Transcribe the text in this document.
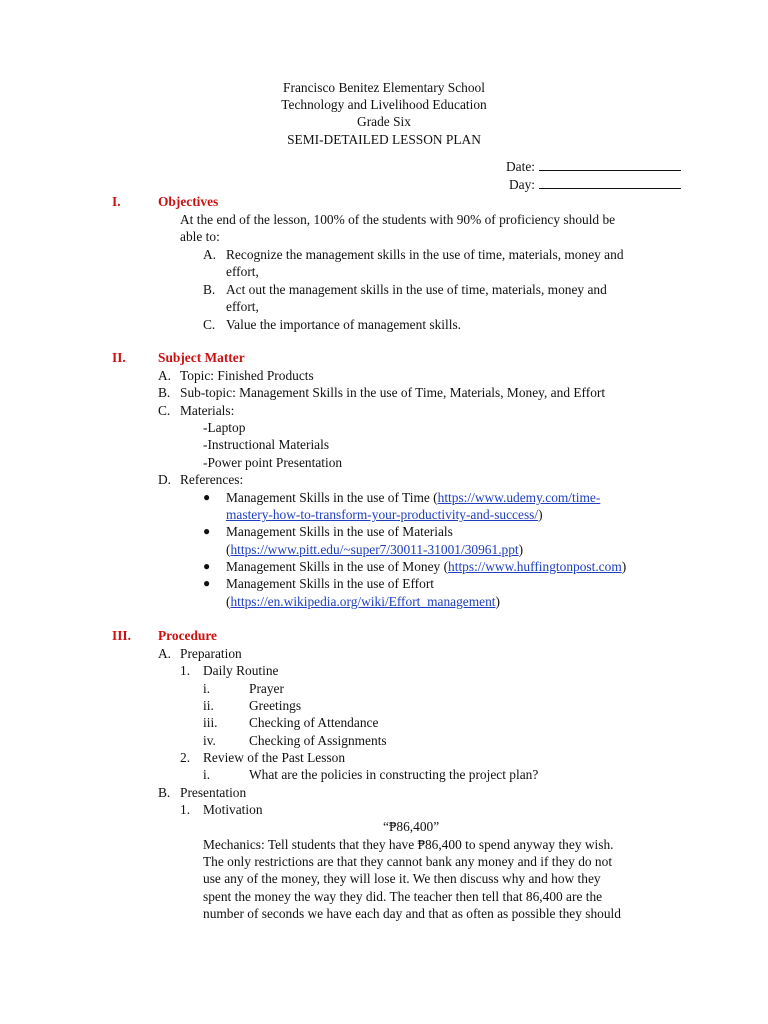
Francisco Benitez Elementary School
Technology and Livelihood Education
Grade Six
SEMI-DETAILED LESSON PLAN
Date:
Day:
I.	Objectives
At the end of the lesson, 100% of the students with 90% of proficiency should be
able to:
A. Recognize the management skills in the use of time, materials, money and
effort,
B. Act out the management skills in the use of time, materials, money and
effort,
C. Value the importance of management skills.
II. Subject Matter
A. Topic: Finished Products
B. Sub-topic: Management Skills in the use of Time, Materials, Money, and Effort
C. Materials:
-Laptop
-Instructional Materials
-Power point Presentation
D. References:
● Management Skills in the use of Time (https://www.udemy.com/time-
mastery-how-to-transform-your-productivity-and-success/)
● Management Skills in the use of Materials
(https://www.pitt.edu/~super7/30011-31001/30961.ppt)
● Management Skills in the use of Money (https://www.huffingtonpost.com)
● Management Skills in the use of Effort
(https://en.wikipedia.org/wiki/Effort_management)
III. Procedure
A. Preparation
1. Daily Routine
i.	Prayer
ii.	Greetings
iii. Checking of Attendance
iv. Checking of Assignments
2. Review of the Past Lesson
i.	What are the policies in constructing the project plan?
B. Presentation
1. Motivation
“₱86,400”
Mechanics: Tell students that they have ₱86,400 to spend anyway they wish.
The only restrictions are that they cannot bank any money and if they do not
use any of the money, they will lose it. We then discuss why and how they
spent the money the way they did. The teacher then tell that 86,400 are the
number of seconds we have each day and that as often as possible they should
